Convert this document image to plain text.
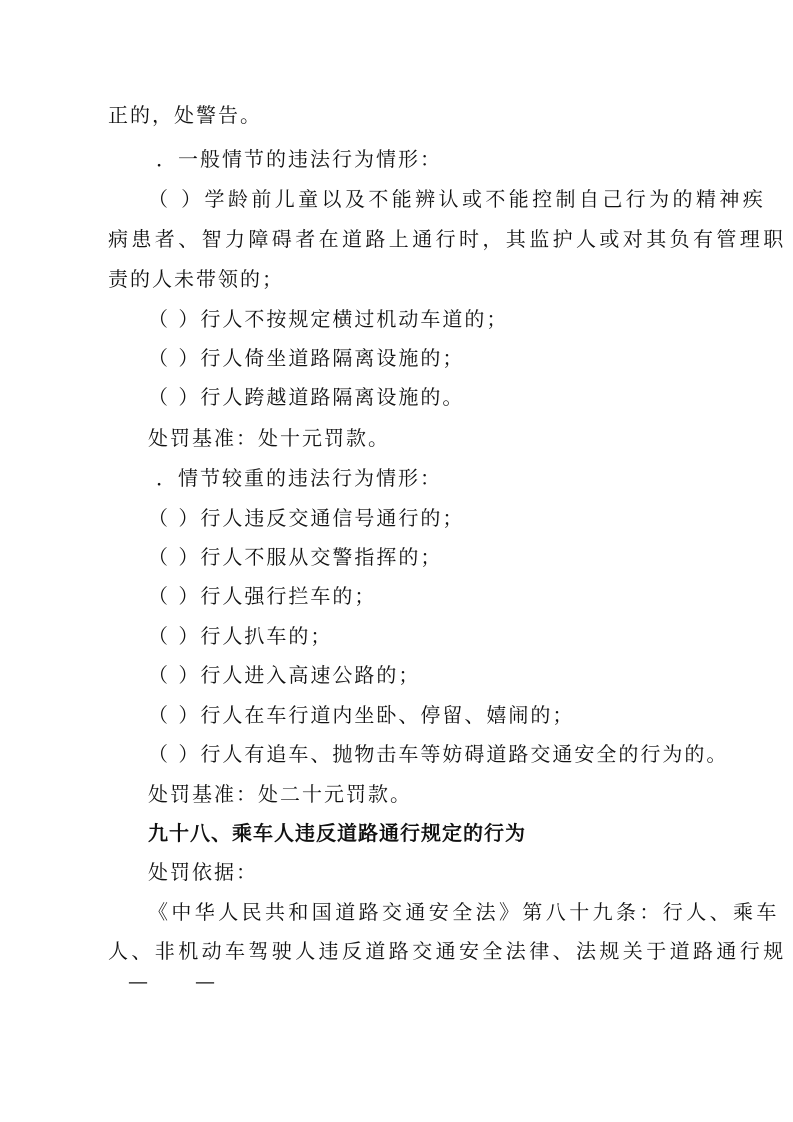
正的，处警告。
．一般情节的违法行为情形：
（ ）学龄前儿童以及不能辨认或不能控制自己行为的精神疾
病患者、智力障碍者在道路上通行时，其监护人或对其负有管理职
责的人未带领的；
（ ）行人不按规定横过机动车道的；
（ ）行人倚坐道路隔离设施的；
（ ）行人跨越道路隔离设施的。
处罚基准：处十元罚款。
．情节较重的违法行为情形：
（ ）行人违反交通信号通行的；
（ ）行人不服从交警指挥的；
（ ）行人强行拦车的；
（ ）行人扒车的；
（ ）行人进入高速公路的；
（ ）行人在车行道内坐卧、停留、嬉闹的；
（ ）行人有追车、抛物击车等妨碍道路交通安全的行为的。
处罚基准：处二十元罚款。
九十八、乘车人违反道路通行规定的行为
处罚依据：
《中华人民共和国道路交通安全法》第八十九条：行人、乘车
人、非机动车驾驶人违反道路交通安全法律、法规关于道路通行规
— —
